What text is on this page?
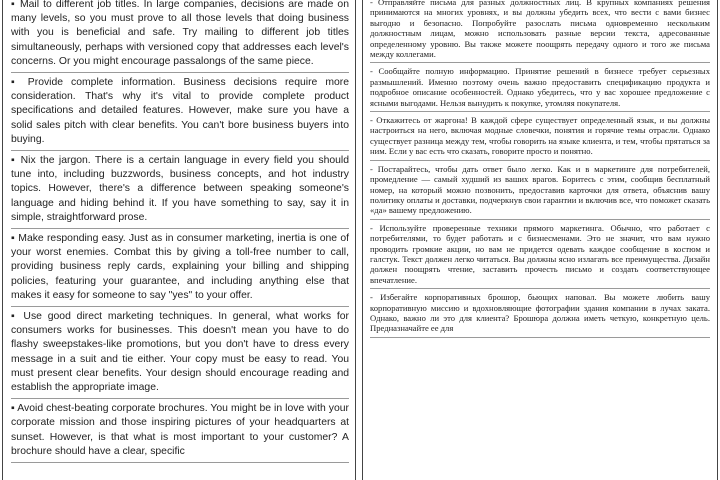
▪ Mail to different job titles. In large companies, decisions are made on many levels, so you must prove to all those levels that doing business with you is beneficial and safe. Try mailing to different job titles simultaneously, perhaps with versioned copy that addresses each level's concerns. Or you might encourage passalongs of the same piece.

▪ Provide complete information. Business decisions require more consideration. That's why it's vital to provide complete product specifications and detailed features. However, make sure you have a solid sales pitch with clear benefits. You can't bore business buyers into buying.

▪ Nix the jargon. There is a certain language in every field you should tune into, including buzzwords, business concepts, and hot industry topics. However, there's a difference between speaking someone's language and hiding behind it. If you have something to say, say it in simple, straightforward prose.

▪ Make responding easy. Just as in consumer marketing, inertia is one of your worst enemies. Combat this by giving a toll-free number to call, providing business reply cards, explaining your billing and shipping policies, featuring your guarantee, and including anything else that makes it easy for someone to say "yes" to your offer.

▪ Use good direct marketing techniques. In general, what works for consumers works for businesses. This doesn't mean you have to do flashy sweepstakes-like promotions, but you don't have to dress every message in a suit and tie either. Your copy must be easy to read. You must present clear benefits. Your design should encourage reading and establish the appropriate image.

▪ Avoid chest-beating corporate brochures. You might be in love with your corporate mission and those inspiring pictures of your headquarters at sunset. However, is that what is most important to your customer? A brochure should have a clear, specific

- Отправляйте письма для разных должностных лиц. В крупных компаниях решения принимаются на многих уровнях, и вы должны убедить всех, что вести с вами бизнес выгодно и безопасно. Попробуйте разослать письма одновременно нескольким должностным лицам, можно использовать разные версии текста, адресованные определенному уровню. Вы также можете поощрять передачу одного и того же письма между коллегами.

- Сообщайте полную информацию. Принятие решений в бизнесе требует серьезных размышлений. Именно поэтому очень важно предоставить спецификацию продукта и подробное описание особенностей. Однако убедитесь, что у вас хорошее предложение с ясными выгодами. Нельзя вынудить к покупке, утомляя покупателя.

- Откажитесь от жаргона! В каждой сфере существует определенный язык, и вы должны настроиться на него, включая модные словечки, понятия и горячие темы отрасли. Однако существует разница между тем, чтобы говорить на языке клиента, и тем, чтобы прятаться за ним. Если у вас есть что сказать, говорите просто и понятно.

- Постарайтесь, чтобы дать ответ было легко. Как и в маркетинге для потребителей, промедление — самый худший из ваших врагов. Боритесь с этим, сообщив бесплатный номер, на который можно позвонить, предоставив карточки для ответа, объяснив вашу политику оплаты и доставки, подчеркнув свои гарантии и включив все, что поможет сказать «да» вашему предложению.

- Используйте проверенные техники прямого маркетинга. Обычно, что работает с потребителями, то будет работать и с бизнесменами. Это не значит, что вам нужно проводить громкие акции, но вам не придется одевать каждое сообщение в костюм и галстук. Текст должен легко читаться. Вы должны ясно излагать все преимущества. Дизайн должен поощрять чтение, заставить прочесть письмо и создать соответствующее впечатление.

- Избегайте корпоративных брошюр, бьющих наповал. Вы можете любить вашу корпоративную миссию и вдохновляющие фотографии здания компании в лучах заката. Однако, важно ли это для клиента? Брошюра должна иметь четкую, конкретную цель. Предназначайте ее для
